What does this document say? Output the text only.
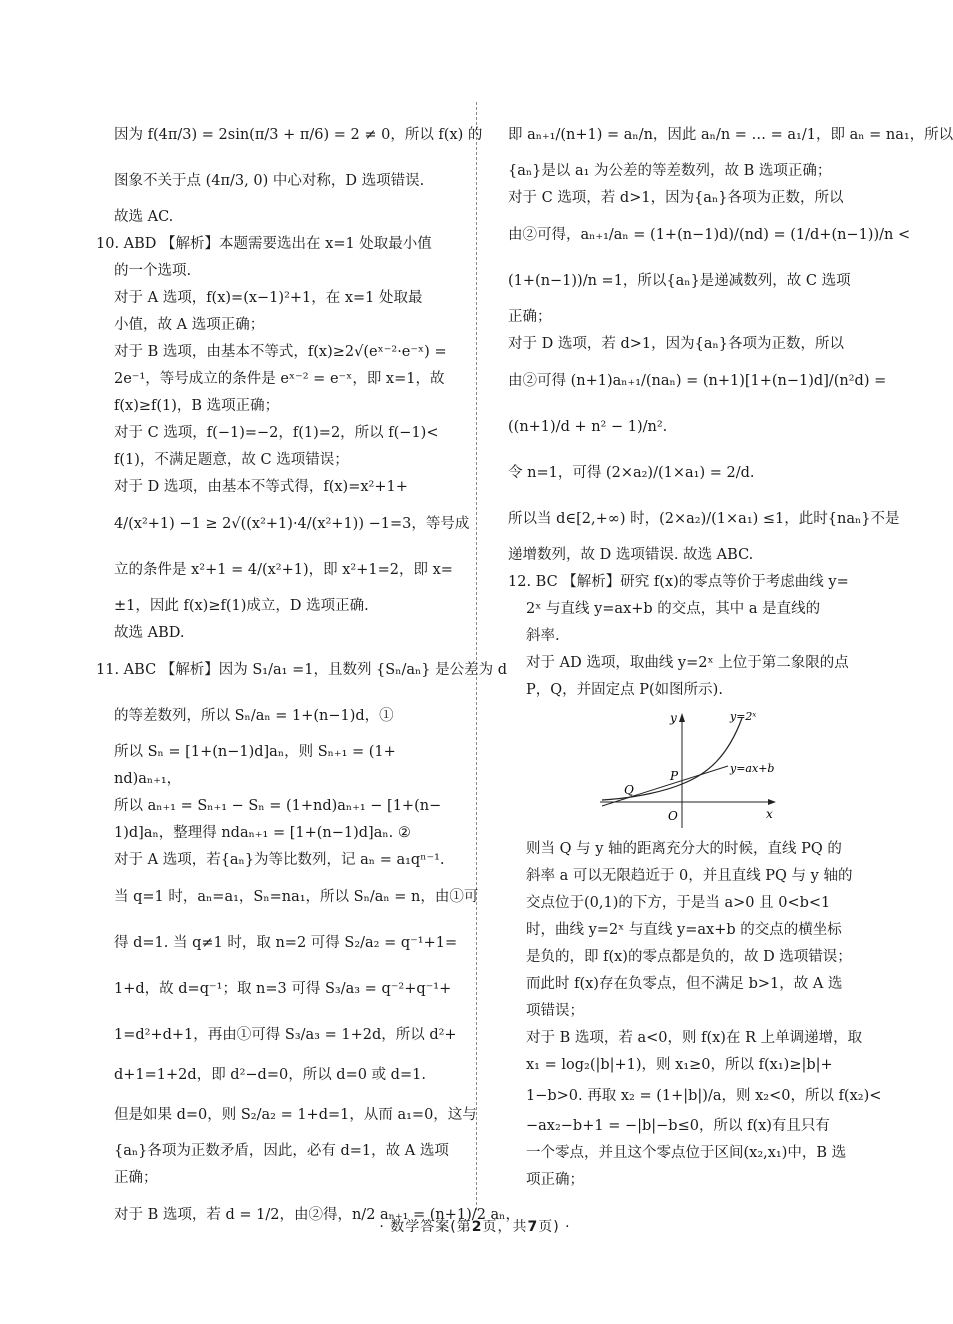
因为 f(4π/3) = 2sin(π/3 + π/6) = 2 ≠ 0，所以 f(x) 的
图象不关于点 (4π/3, 0) 中心对称，D 选项错误.
故选 AC.
10. ABD 【解析】本题需要选出在 x=1 处取最小值
的一个选项.
对于 A 选项，f(x)=(x−1)²+1，在 x=1 处取最
小值，故 A 选项正确；
对于 B 选项，由基本不等式，f(x)≥2√(eˣ⁻²·e⁻ˣ) =
2e⁻¹，等号成立的条件是 eˣ⁻² = e⁻ˣ，即 x=1，故
f(x)≥f(1)，B 选项正确；
对于 C 选项，f(−1)=−2，f(1)=2，所以 f(−1)<
f(1)，不满足题意，故 C 选项错误；
对于 D 选项，由基本不等式得，f(x)=x²+1+
4/(x²+1) −1 ≥ 2√((x²+1)·4/(x²+1)) −1=3，等号成
立的条件是 x²+1 = 4/(x²+1)，即 x²+1=2，即 x=
±1，因此 f(x)≥f(1)成立，D 选项正确.
故选 ABD.
11. ABC 【解析】因为 S₁/a₁ =1，且数列 {Sₙ/aₙ} 是公差为 d
的等差数列，所以 Sₙ/aₙ = 1+(n−1)d，①
所以 Sₙ = [1+(n−1)d]aₙ，则 Sₙ₊₁ = (1+
nd)aₙ₊₁，
所以 aₙ₊₁ = Sₙ₊₁ − Sₙ = (1+nd)aₙ₊₁ − [1+(n−
1)d]aₙ，整理得 ndaₙ₊₁ = [1+(n−1)d]aₙ. ②
对于 A 选项，若{aₙ}为等比数列，记 aₙ = a₁qⁿ⁻¹.
当 q=1 时，aₙ=a₁，Sₙ=na₁，所以 Sₙ/aₙ = n，由①可
得 d=1. 当 q≠1 时，取 n=2 可得 S₂/a₂ = q⁻¹+1=
1+d，故 d=q⁻¹；取 n=3 可得 S₃/a₃ = q⁻²+q⁻¹+
1=d²+d+1，再由①可得 S₃/a₃ = 1+2d，所以 d²+
d+1=1+2d，即 d²−d=0，所以 d=0 或 d=1.
但是如果 d=0，则 S₂/a₂ = 1+d=1，从而 a₁=0，这与
{aₙ}各项为正数矛盾，因此，必有 d=1，故 A 选项
正确；
对于 B 选项，若 d = 1/2，由②得，n/2 aₙ₊₁ = (n+1)/2 aₙ，
即 aₙ₊₁/(n+1) = aₙ/n，因此 aₙ/n = … = a₁/1，即 aₙ = na₁，所以
{aₙ}是以 a₁ 为公差的等差数列，故 B 选项正确；
对于 C 选项，若 d>1，因为{aₙ}各项为正数，所以
由②可得，aₙ₊₁/aₙ = (1+(n−1)d)/(nd) = (1/d+(n−1))/n <
(1+(n−1))/n =1，所以{aₙ}是递减数列，故 C 选项
正确；
对于 D 选项，若 d>1，因为{aₙ}各项为正数，所以
由②可得 (n+1)aₙ₊₁/(naₙ) = (n+1)[1+(n−1)d]/(n²d) =
((n+1)/d + n² − 1)/n².
令 n=1，可得 (2×a₂)/(1×a₁) = 2/d.
所以当 d∈[2,+∞) 时，(2×a₂)/(1×a₁) ≤1，此时{naₙ}不是
递增数列，故 D 选项错误. 故选 ABC.
12. BC 【解析】研究 f(x)的零点等价于考虑曲线 y=
2ˣ 与直线 y=ax+b 的交点，其中 a 是直线的
斜率.
对于 AD 选项，取曲线 y=2ˣ 上位于第二象限的点
P，Q，并固定点 P(如图所示).
y
x
O
y=2ˣ
y=ax+b
P
Q
则当 Q 与 y 轴的距离充分大的时候，直线 PQ 的
斜率 a 可以无限趋近于 0，并且直线 PQ 与 y 轴的
交点位于(0,1)的下方，于是当 a>0 且 0<b<1
时，曲线 y=2ˣ 与直线 y=ax+b 的交点的横坐标
是负的，即 f(x)的零点都是负的，故 D 选项错误；
而此时 f(x)存在负零点，但不满足 b>1，故 A 选
项错误；
对于 B 选项，若 a<0，则 f(x)在 R 上单调递增，取
x₁ = log₂(|b|+1)，则 x₁≥0，所以 f(x₁)≥|b|+
1−b>0. 再取 x₂ = (1+|b|)/a，则 x₂<0，所以 f(x₂)<
−ax₂−b+1 = −|b|−b≤0，所以 f(x)有且只有
一个零点，并且这个零点位于区间(x₂,x₁)中，B 选
项正确；
· 数学答案(第2页，共7页) ·
